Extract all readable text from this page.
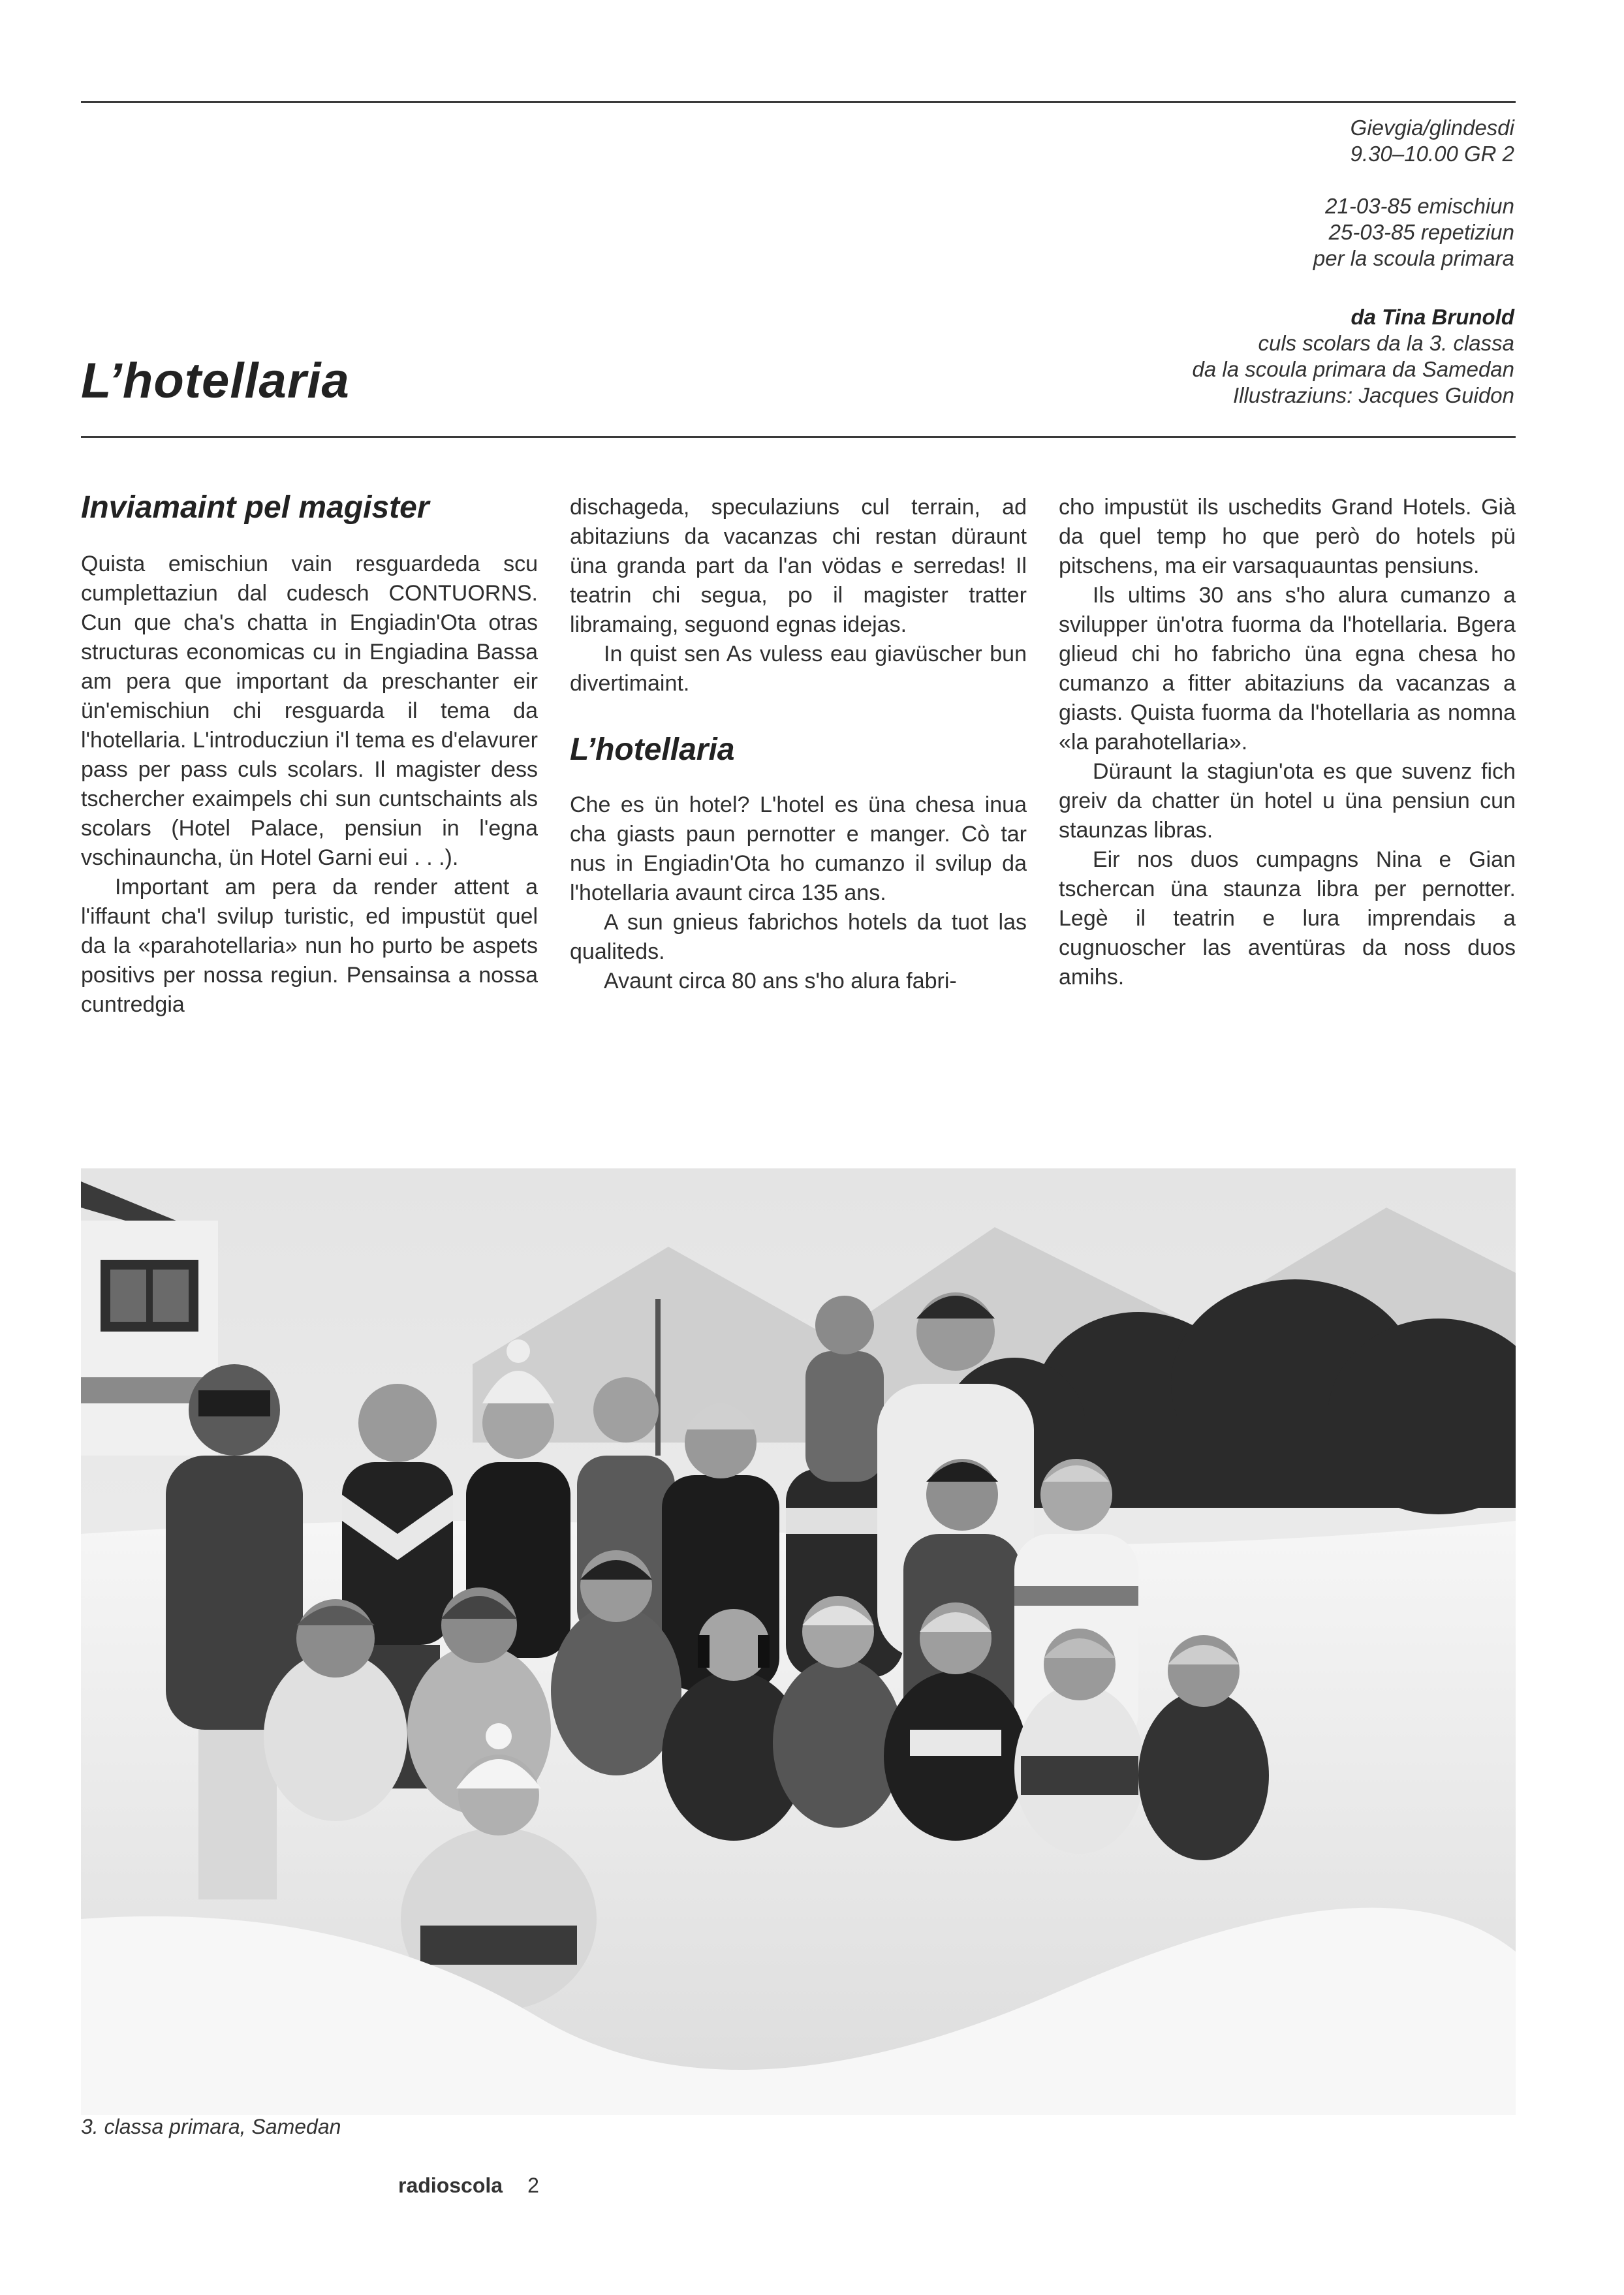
Gievgia/glindesdi
9.30–10.00 GR 2
21-03-85 emischiun
25-03-85 repetiziun
per la scoula primara
da Tina Brunold
culs scolars da la 3. classa
da la scoula primara da Samedan
Illustraziuns: Jacques Guidon
L’hotellaria
Inviamaint pel magister

Quista emischiun vain resguardeda scu cumplettaziun dal cudesch CONTUORNS. Cun que cha's chatta in Engiadin'Ota otras structuras economicas cu in Engiadina Bassa am pera que important da preschanter eir ün'emischiun chi resguarda il tema da l'hotellaria. L'introducziun i'l tema es d'elavurer pass per pass culs scolars. Il magister dess tschercher exaimpels chi sun cuntschaints als scolars (Hotel Palace, pensiun in l'egna vschinauncha, ün Hotel Garni eui . . .).

Important am pera da render attent a l'iffaunt cha'l svilup turistic, ed impustüt quel da la «parahotellaria» nun ho purto be aspets positivs per nossa regiun. Pensainsa a nossa cuntredgia

dischageda, speculaziuns cul terrain, ad abitaziuns da vacanzas chi restan düraunt üna granda part da l'an vödas e serredas! Il teatrin chi segua, po il magister tratter libramaing, seguond egnas idejas.

In quist sen As vuless eau giavüscher bun divertimaint.

L’hotellaria

Che es ün hotel? L'hotel es üna chesa inua cha giasts paun pernotter e manger. Cò tar nus in Engiadin'Ota ho cumanzo il svilup da l'hotellaria avaunt circa 135 ans.

A sun gnieus fabrichos hotels da tuot las qualiteds.

Avaunt circa 80 ans s'ho alura fabri-

cho impustüt ils uschedits Grand Hotels. Già da quel temp ho que però do hotels pü pitschens, ma eir varsaquauntas pensiuns.

Ils ultims 30 ans s'ho alura cumanzo a svilupper ün'otra fuorma da l'hotellaria. Bgera glieud chi ho fabricho üna egna chesa ho cumanzo a fitter abitaziuns da vacanzas a giasts. Quista fuorma da l'hotellaria as nomna «la parahotellaria».

Düraunt la stagiun'ota es que suvenz fich greiv da chatter ün hotel u üna pensiun cun staunzas libras.

Eir nos duos cumpagns Nina e Gian tschercan üna staunza libra per pernotter. Legè il teatrin e lura imprendais a cugnuoscher las aventüras da noss duos amihs.

3. classa primara, Samedan
radioscola 2
